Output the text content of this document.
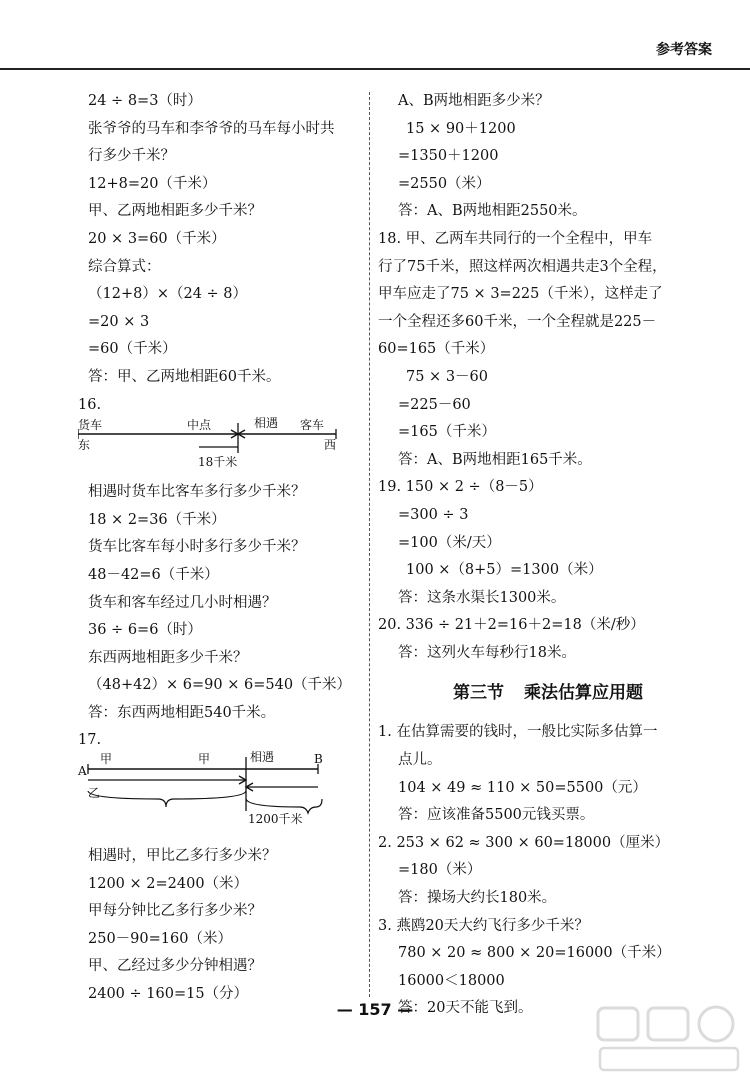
参考答案
24 ÷ 8=3（时）
张爷爷的马车和李爷爷的马车每小时共
行多少千米？
12+8=20（千米）
甲、乙两地相距多少千米？
20 × 3=60（千米）
综合算式：
（12+8）×（24 ÷ 8）
=20 × 3
=60（千米）
答：甲、乙两地相距60千米。
16.
货车	中点	相遇 客车
东	西
18千米
相遇时货车比客车多行多少千米？
18 × 2=36（千米）
货车比客车每小时多行多少千米？
48－42=6（千米）
货车和客车经过几小时相遇？
36 ÷ 6=6（时）
东西两地相距多少千米？
（48+42）× 6=90 × 6=540（千米）
答：东西两地相距540千米。
17.
甲	甲	相遇
A
B
乙
1200千米
相遇时，甲比乙多行多少米？
1200 × 2=2400（米）
甲每分钟比乙多行多少米？
250－90=160（米）
甲、乙经过多少分钟相遇？
2400 ÷ 160=15（分）
A、B两地相距多少米？
15 × 90＋1200
=1350＋1200
=2550（米）
答：A、B两地相距2550米。
18. 甲、乙两车共同行的一个全程中，甲车
行了75千米，照这样两次相遇共走3个全程，
甲车应走了75 × 3=225（千米），这样走了
一个全程还多60千米，一个全程就是225－
60=165（千米）
75 × 3－60
=225－60
=165（千米）
答：A、B两地相距165千米。
19. 150 × 2 ÷（8－5）
=300 ÷ 3
=100（米/天）
100 ×（8+5）=1300（米）
答：这条水渠长1300米。
20. 336 ÷ 21＋2=16＋2=18（米/秒）
答：这列火车每秒行18米。
第三节 乘法估算应用题
1. 在估算需要的钱时，一般比实际多估算一
点儿。
104 × 49 ≈ 110 × 50=5500（元）
答：应该准备5500元钱买票。
2. 253 × 62 ≈ 300 × 60=18000（厘米）
=180（米）
答：操场大约长180米。
3. 燕鸥20天大约飞行多少千米？
780 × 20 ≈ 800 × 20=16000（千米）
16000＜18000
答：20天不能飞到。
— 157 —
